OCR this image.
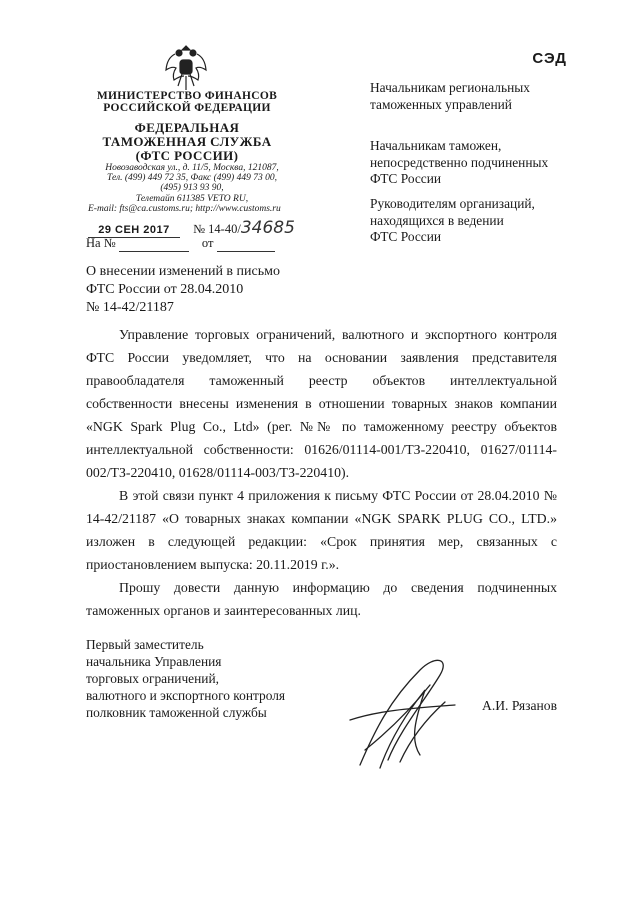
МИНИСТЕРСТВО ФИНАНСОВ
РОССИЙСКОЙ ФЕДЕРАЦИИ
ФЕДЕРАЛЬНАЯ
ТАМОЖЕННАЯ СЛУЖБА
(ФТС РОССИИ)
Новозаводская ул., д. 11/5, Москва, 121087,
Тел. (499) 449 72 35, Факс (499) 449 73 00,
(495) 913 93 90,
Телетайп 611385 VETO RU,
E-mail: fts@ca.customs.ru; http://www.customs.ru
СЭД
29 СЕН 2017 № 14-40/34685
На №	от
Начальникам региональных
таможенных управлений
Начальникам таможен,
непосредственно подчиненных
ФТС России
Руководителям организаций,
находящихся в ведении
ФТС России
О внесении изменений в письмо
ФТС России от 28.04.2010
№ 14-42/21187
Управление торговых ограничений, валютного и экспортного контроля ФТС России уведомляет, что на основании заявления представителя правообладателя таможенный реестр объектов интеллектуальной собственности внесены изменения в отношении товарных знаков компании «NGK Spark Plug Co., Ltd» (рег. №№ по таможенному реестру объектов интеллектуальной собственности: 01626/01114-001/ТЗ-220410, 01627/01114-002/ТЗ-220410, 01628/01114-003/ТЗ-220410).
В этой связи пункт 4 приложения к письму ФТС России от 28.04.2010 № 14-42/21187 «О товарных знаках компании «NGK SPARK PLUG CO., LTD.» изложен в следующей редакции: «Срок принятия мер, связанных с приостановлением выпуска: 20.11.2019 г.».
Прошу довести данную информацию до сведения подчиненных таможенных органов и заинтересованных лиц.
Первый заместитель
начальника Управления
торговых ограничений,
валютного и экспортного контроля
полковник таможенной службы	А.И. Рязанов
